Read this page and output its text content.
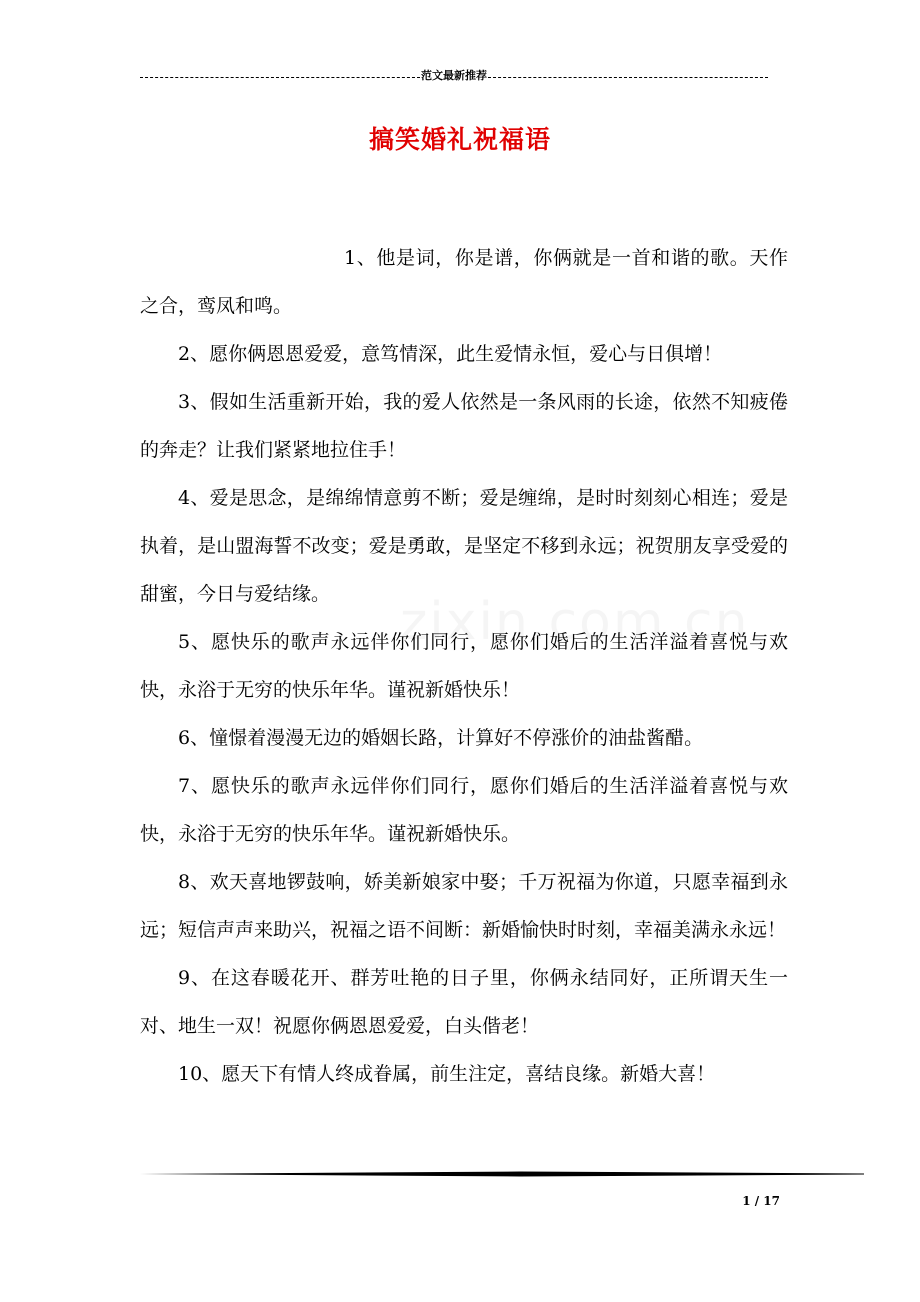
范文最新推荐
搞笑婚礼祝福语

1、他是词，你是谱，你俩就是一首和谐的歌。天作之合，鸾凤和鸣。

2、愿你俩恩恩爱爱，意笃情深，此生爱情永恒，爱心与日俱增！

3、假如生活重新开始，我的爱人依然是一条风雨的长途，依然不知疲倦的奔走？让我们紧紧地拉住手！

4、爱是思念，是绵绵情意剪不断；爱是缠绵，是时时刻刻心相连；爱是执着，是山盟海誓不改变；爱是勇敢，是坚定不移到永远；祝贺朋友享受爱的甜蜜，今日与爱结缘。

5、愿快乐的歌声永远伴你们同行，愿你们婚后的生活洋溢着喜悦与欢快，永浴于无穷的快乐年华。谨祝新婚快乐！

6、憧憬着漫漫无边的婚姻长路，计算好不停涨价的油盐酱醋。

7、愿快乐的歌声永远伴你们同行，愿你们婚后的生活洋溢着喜悦与欢快，永浴于无穷的快乐年华。谨祝新婚快乐。

8、欢天喜地锣鼓响，娇美新娘家中娶；千万祝福为你道，只愿幸福到永远；短信声声来助兴，祝福之语不间断：新婚愉快时时刻，幸福美满永永远！

9、在这春暖花开、群芳吐艳的日子里，你俩永结同好，正所谓天生一对、地生一双！祝愿你俩恩恩爱爱，白头偕老！

10、愿天下有情人终成眷属，前生注定，喜结良缘。新婚大喜！

1 / 17
